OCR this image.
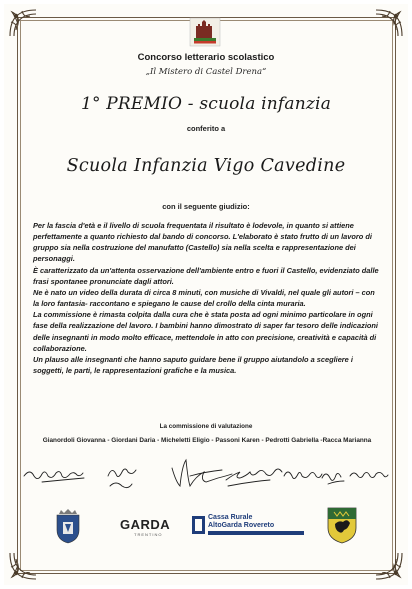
Concorso letterario scolastico
„Il Mistero di Castel Drena“
1° PREMIO - scuola infanzia
conferito a
Scuola Infanzia Vigo Cavedine
con il seguente giudizio:

Per la fascia d'età e il livello di scuola frequentata il risultato è lodevole, in quanto si attiene perfettamente a quanto richiesto dal bando di concorso. L'elaborato è stato frutto di un lavoro di gruppo sia nella costruzione del manufatto (Castello) sia nella scelta e rappresentazione dei personaggi.

È caratterizzato da un'attenta osservazione dell'ambiente entro e fuori il Castello, evidenziato dalle frasi spontanee pronunciate dagli attori.

Ne è nato un video della durata di circa 8 minuti, con musiche di Vivaldi, nel quale gli autori – con la loro fantasia- raccontano e spiegano le cause del crollo della cinta muraria.

La commissione è rimasta colpita dalla cura che è stata posta ad ogni minimo particolare in ogni fase della realizzazione del lavoro. I bambini hanno dimostrato di saper far tesoro delle indicazioni delle insegnanti in modo molto efficace, mettendole in atto con precisione, creatività e capacità di collaborazione.

Un plauso alle insegnanti che hanno saputo guidare bene il gruppo aiutandolo a scegliere i soggetti, le parti, le rappresentazioni grafiche e la musica.

La commissione di valutazione
Gianordoli Giovanna - Giordani Daria - Micheletti Eligio - Passoni Karen - Pedrotti Gabriella -Racca Marianna
GARDA
TRENTINO
Cassa Rurale
AltoGarda Rovereto
